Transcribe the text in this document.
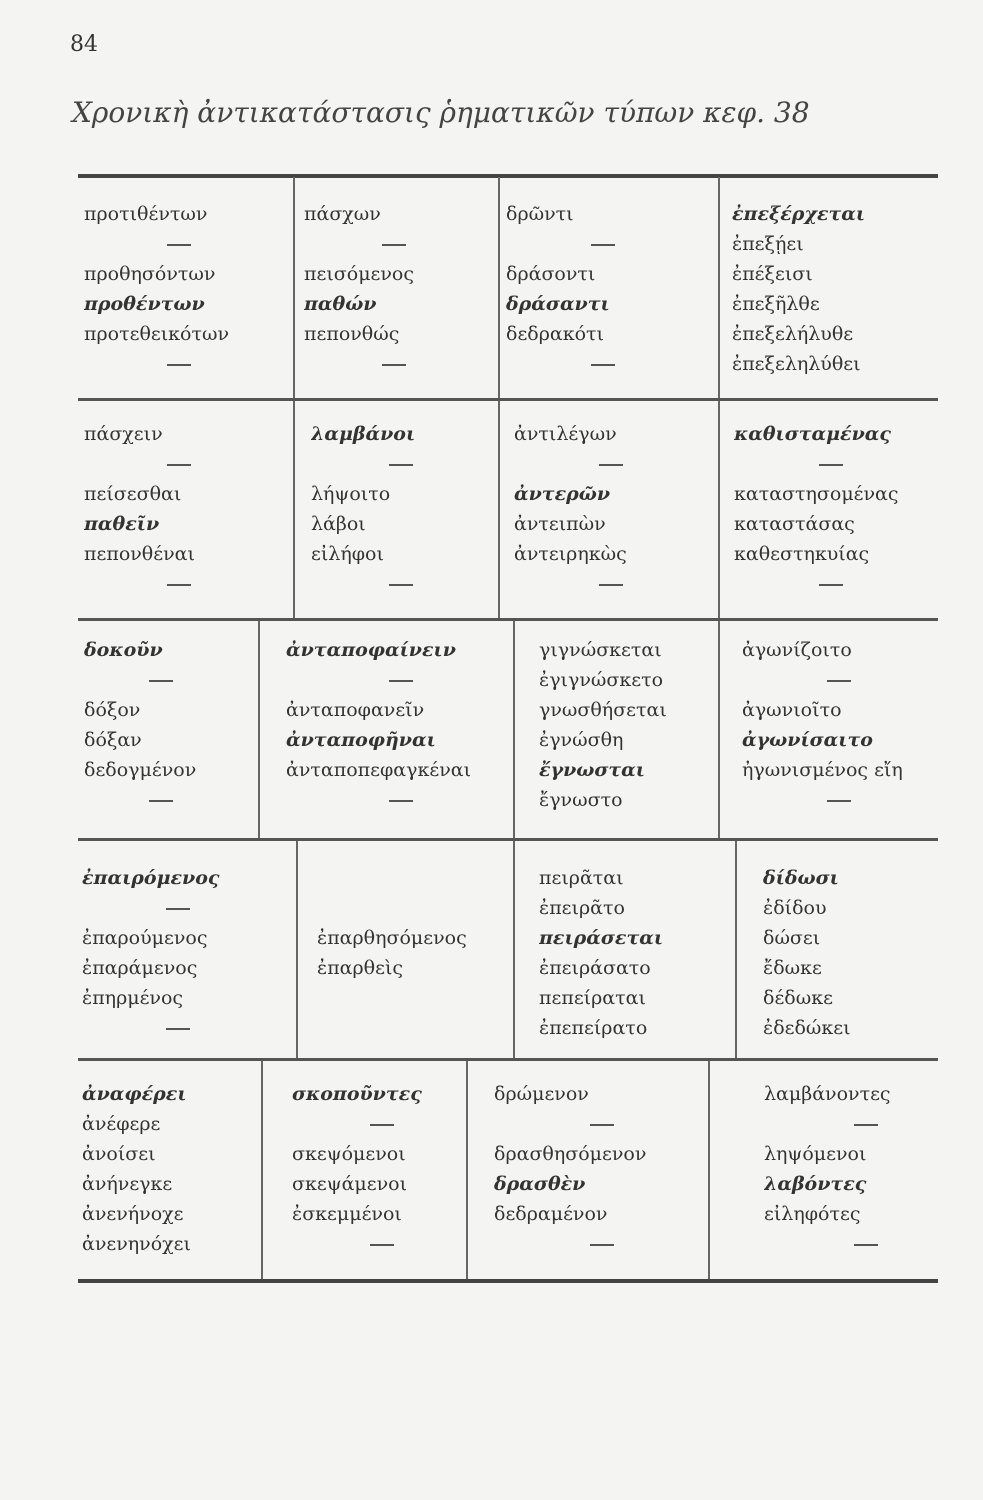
84
Χρονικὴ ἀντικατάστασις ῥηματικῶν τύπων κεφ. 38
προτιθέντων
προθησόντων
προθέντων
προτεθεικότων
πάσχων
πεισόμενος
παθών
πεπονθώς
δρῶντι
δράσοντι
δράσαντι
δεδρακότι
ἐπεξέρχεται
ἐπεξῄει
ἐπέξεισι
ἐπεξῆλθε
ἐπεξελήλυθε
ἐπεξεληλύθει
πάσχειν
πείσεσθαι
παθεῖν
πεπονθέναι
λαμβάνοι
λήψοιτο
λάβοι
εἰλήφοι
ἀντιλέγων
ἀντερῶν
ἀντειπὼν
ἀντειρηκὼς
καθισταμένας
καταστησομένας
καταστάσας
καθεστηκυίας
δοκοῦν
δόξον
δόξαν
δεδογμένον
ἀνταποφαίνειν
ἀνταποφανεῖν
ἀνταποφῆναι
ἀνταποπεφαγκέναι
γιγνώσκεται
ἐγιγνώσκετο
γνωσθήσεται
ἐγνώσθη
ἔγνωσται
ἔγνωστο
ἀγωνίζοιτο
ἀγωνιοῖτο
ἀγωνίσαιτο
ἠγωνισμένος εἴη
ἐπαιρόμενος
ἐπαρούμενος
ἐπαράμενος
ἐπηρμένος
ἐπαρθησόμενος
ἐπαρθεὶς
πειρᾶται
ἐπειρᾶτο
πειράσεται
ἐπειράσατο
πεπείραται
ἐπεπείρατο
δίδωσι
ἐδίδου
δώσει
ἔδωκε
δέδωκε
ἐδεδώκει
ἀναφέρει
ἀνέφερε
ἀνοίσει
ἀνήνεγκε
ἀνενήνοχε
ἀνενηνόχει
σκοποῦντες
σκεψόμενοι
σκεψάμενοι
ἐσκεμμένοι
δρώμενον
δρασθησόμενον
δρασθὲν
δεδραμένον
λαμβάνοντες
ληψόμενοι
λαβόντες
εἰληφότες
